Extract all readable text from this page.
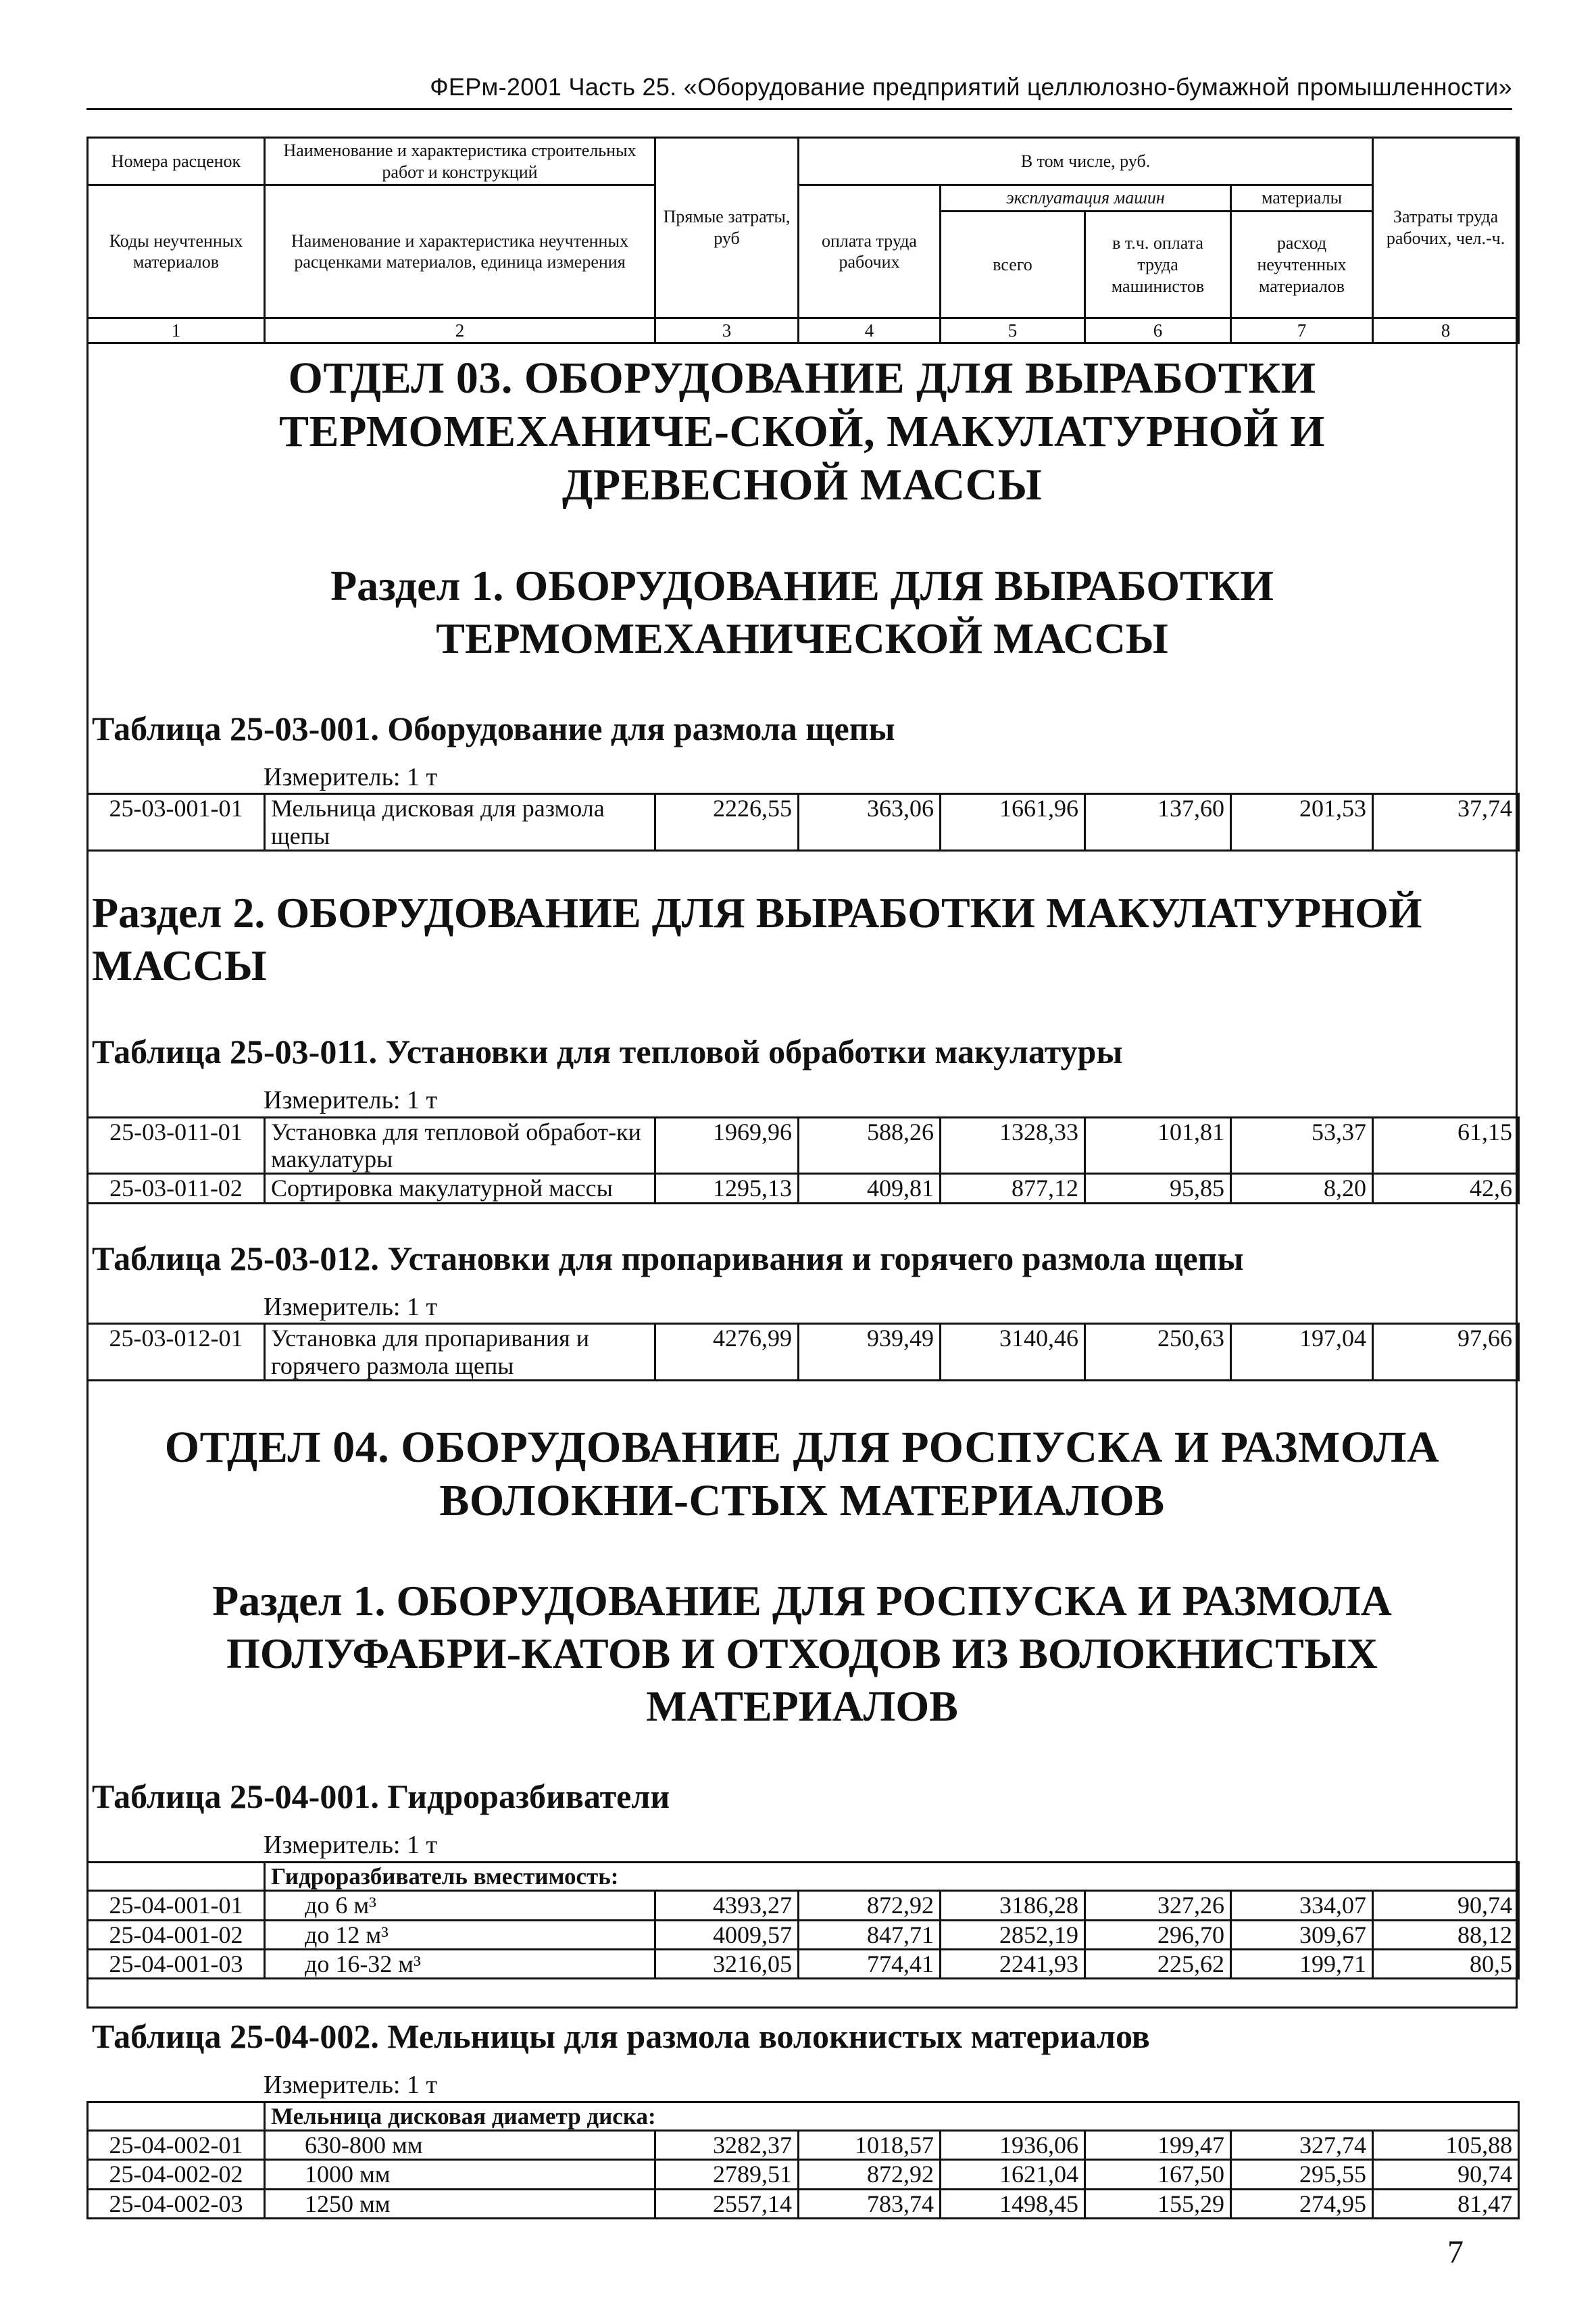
ФЕРм-2001 Часть 25. «Оборудование предприятий целлюлозно-бумажной промышленности»
Номера расценок	Наименование и характеристика строительных работ и конструкций	Прямые затраты, руб	В том числе, руб.				Затраты труда рабочих, чел.-ч.
Коды неучтенных материалов	Наименование и характеристика неучтенных расценками материалов, единица измерения		оплата труда рабочих	эксплуатация машин		материалы	
				всего	в т.ч. оплата труда машинистов	расход неучтенных материалов	

1	2	3	4	5	6	7	8
ОТДЕЛ 03. ОБОРУДОВАНИЕ ДЛЯ ВЫРАБОТКИ ТЕРМОМЕХАНИЧЕ-СКОЙ, МАКУЛАТУРНОЙ И ДРЕВЕСНОЙ МАССЫ
Раздел 1. ОБОРУДОВАНИЕ ДЛЯ ВЫРАБОТКИ ТЕРМОМЕХАНИЧЕСКОЙ МАССЫ
Таблица 25-03-001. Оборудование для размола щепы
Измеритель: 1 т
25-03-001-01	Мельница дисковая для размола щепы	2226,55	363,06	1661,96	137,60	201,53	37,74
Раздел 2. ОБОРУДОВАНИЕ ДЛЯ ВЫРАБОТКИ МАКУЛАТУРНОЙ МАССЫ
Таблица 25-03-011. Установки для тепловой обработки макулатуры
Измеритель: 1 т
25-03-011-01	Установка для тепловой обработ-ки макулатуры	1969,96	588,26	1328,33	101,81	53,37	61,15
25-03-011-02	Сортировка макулатурной массы	1295,13	409,81	877,12	95,85	8,20	42,6
Таблица 25-03-012. Установки для пропаривания и горячего размола щепы
Измеритель: 1 т
25-03-012-01	Установка для пропаривания и горячего размола щепы	4276,99	939,49	3140,46	250,63	197,04	97,66
ОТДЕЛ 04. ОБОРУДОВАНИЕ ДЛЯ РОСПУСКА И РАЗМОЛА ВОЛОКНИ-СТЫХ МАТЕРИАЛОВ
Раздел 1. ОБОРУДОВАНИЕ ДЛЯ РОСПУСКА И РАЗМОЛА ПОЛУФАБРИ-КАТОВ И ОТХОДОВ ИЗ ВОЛОКНИСТЫХ МАТЕРИАЛОВ
Таблица 25-04-001. Гидроразбиватели
Измеритель: 1 т
	Гидроразбиватель вместимость:						
25-04-001-01	до 6 м³	4393,27	872,92	3186,28	327,26	334,07	90,74
25-04-001-02	до 12 м³	4009,57	847,71	2852,19	296,70	309,67	88,12
25-04-001-03	до 16-32 м³	3216,05	774,41	2241,93	225,62	199,71	80,5
Таблица 25-04-002. Мельницы для размола волокнистых материалов
Измеритель: 1 т
	Мельница дисковая диаметр диска:						
25-04-002-01	630-800 мм	3282,37	1018,57	1936,06	199,47	327,74	105,88
25-04-002-02	1000 мм	2789,51	872,92	1621,04	167,50	295,55	90,74
25-04-002-03	1250 мм	2557,14	783,74	1498,45	155,29	274,95	81,47
7
